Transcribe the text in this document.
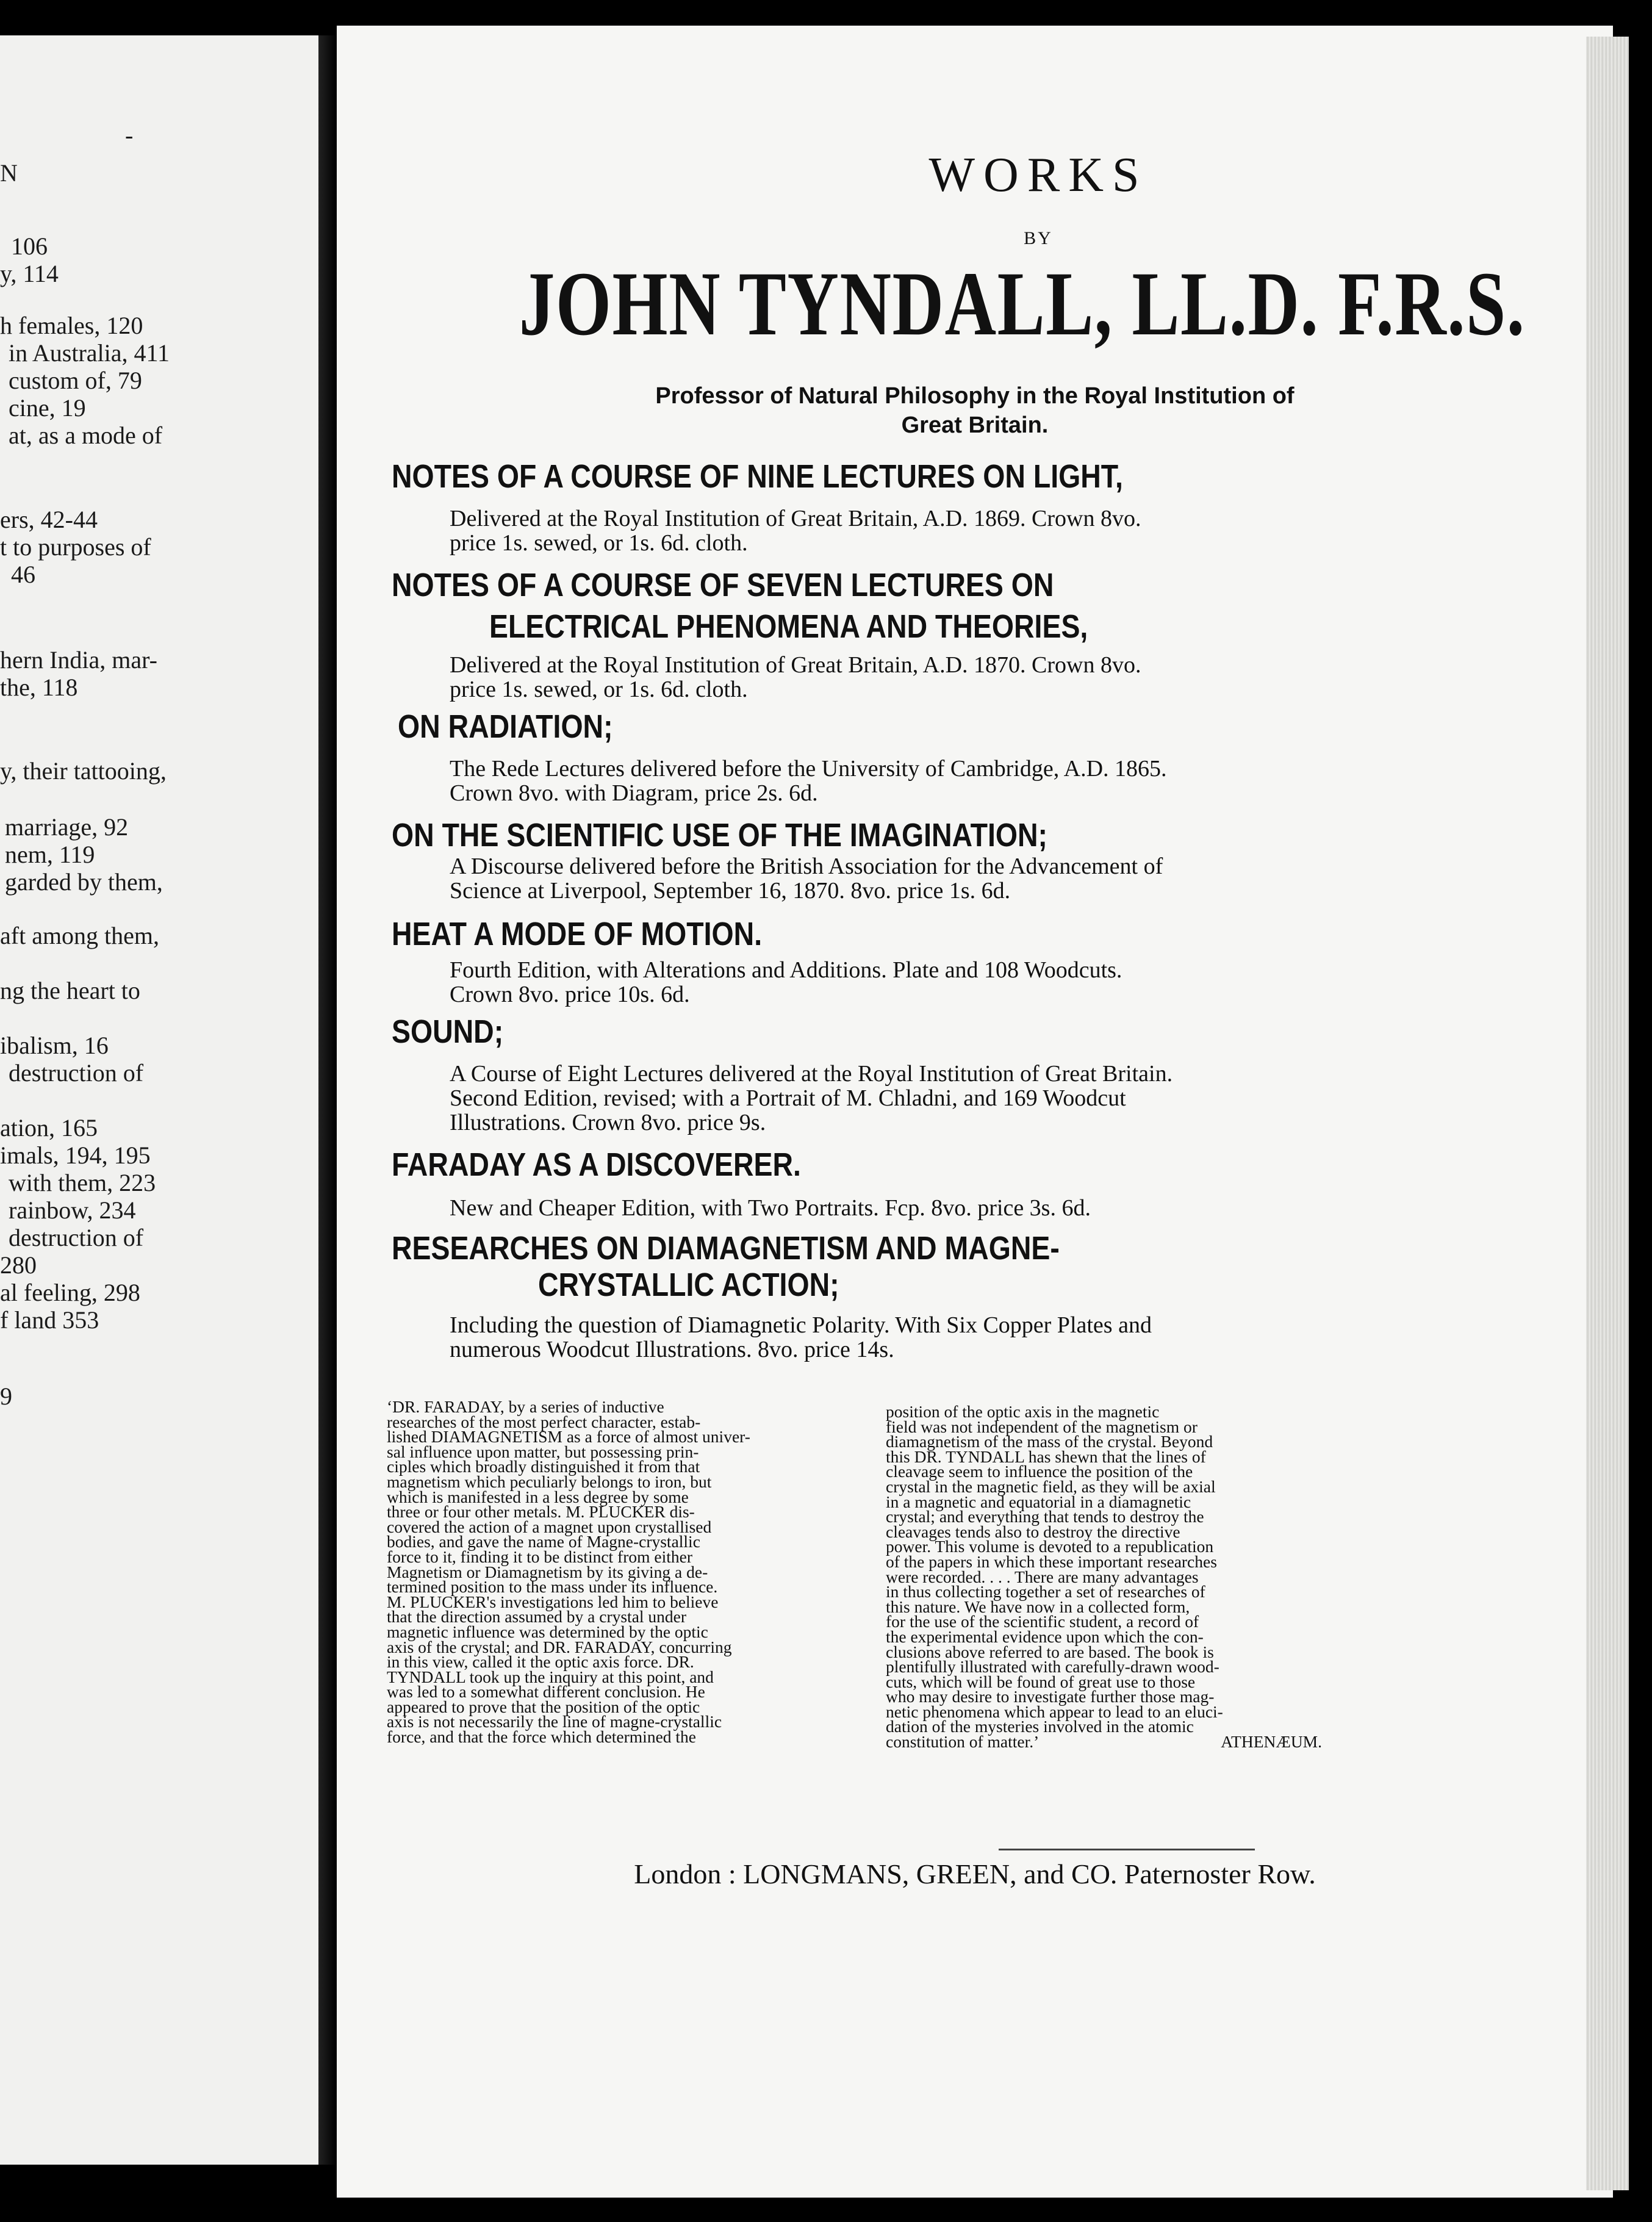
-
N
106
y, 114
h females, 120
in Australia, 411
custom of, 79
cine, 19
at, as a mode of
ers, 42-44
t to purposes of
46
hern India, mar-
the, 118
y, their tattooing,
marriage, 92
nem, 119
garded by them,
aft among them,
ng the heart to
ibalism, 16
destruction of
ation, 165
imals, 194, 195
with them, 223
rainbow, 234
destruction of
280
al feeling, 298
f land 353
9
WORKS
BY
JOHN TYNDALL, LL.D. F.R.S.
Professor of Natural Philosophy in the Royal Institution of
Great Britain.
NOTES OF A COURSE OF NINE LECTURES ON LIGHT,
Delivered at the Royal Institution of Great Britain, A.D. 1869. Crown 8vo.
price 1s. sewed, or 1s. 6d. cloth.
NOTES OF A COURSE OF SEVEN LECTURES ON
ELECTRICAL PHENOMENA AND THEORIES,
Delivered at the Royal Institution of Great Britain, A.D. 1870. Crown 8vo.
price 1s. sewed, or 1s. 6d. cloth.
ON RADIATION;
The Rede Lectures delivered before the University of Cambridge, A.D. 1865.
Crown 8vo. with Diagram, price 2s. 6d.
ON THE SCIENTIFIC USE OF THE IMAGINATION;
A Discourse delivered before the British Association for the Advancement of
Science at Liverpool, September 16, 1870. 8vo. price 1s. 6d.
HEAT A MODE OF MOTION.
Fourth Edition, with Alterations and Additions. Plate and 108 Woodcuts.
Crown 8vo. price 10s. 6d.
SOUND;
A Course of Eight Lectures delivered at the Royal Institution of Great Britain.
Second Edition, revised; with a Portrait of M. Chladni, and 169 Woodcut
Illustrations. Crown 8vo. price 9s.
FARADAY AS A DISCOVERER.
New and Cheaper Edition, with Two Portraits. Fcp. 8vo. price 3s. 6d.
RESEARCHES ON DIAMAGNETISM AND MAGNE-
CRYSTALLIC ACTION;
Including the question of Diamagnetic Polarity. With Six Copper Plates and
numerous Woodcut Illustrations. 8vo. price 14s.
‘DR. FARADAY, by a series of inductive
researches of the most perfect character, estab-
lished DIAMAGNETISM as a force of almost univer-
sal influence upon matter, but possessing prin-
ciples which broadly distinguished it from that
magnetism which peculiarly belongs to iron, but
which is manifested in a less degree by some
three or four other metals. M. PLUCKER dis-
covered the action of a magnet upon crystallised
bodies, and gave the name of Magne-crystallic
force to it, finding it to be distinct from either
Magnetism or Diamagnetism by its giving a de-
termined position to the mass under its influence.
M. PLUCKER's investigations led him to believe
that the direction assumed by a crystal under
magnetic influence was determined by the optic
axis of the crystal; and DR. FARADAY, concurring
in this view, called it the optic axis force. DR.
TYNDALL took up the inquiry at this point, and
was led to a somewhat different conclusion. He
appeared to prove that the position of the optic
axis is not necessarily the line of magne-crystallic
force, and that the force which determined the
position of the optic axis in the magnetic
field was not independent of the magnetism or
diamagnetism of the mass of the crystal. Beyond
this DR. TYNDALL has shewn that the lines of
cleavage seem to influence the position of the
crystal in the magnetic field, as they will be axial
in a magnetic and equatorial in a diamagnetic
crystal; and everything that tends to destroy the
cleavages tends also to destroy the directive
power. This volume is devoted to a republication
of the papers in which these important researches
were recorded. . . . There are many advantages
in thus collecting together a set of researches of
this nature. We have now in a collected form,
for the use of the scientific student, a record of
the experimental evidence upon which the con-
clusions above referred to are based. The book is
plentifully illustrated with carefully-drawn wood-
cuts, which will be found of great use to those
who may desire to investigate further those mag-
netic phenomena which appear to lead to an eluci-
dation of the mysteries involved in the atomic
constitution of matter.’	ATHENÆUM.
London : LONGMANS, GREEN, and CO. Paternoster Row.
